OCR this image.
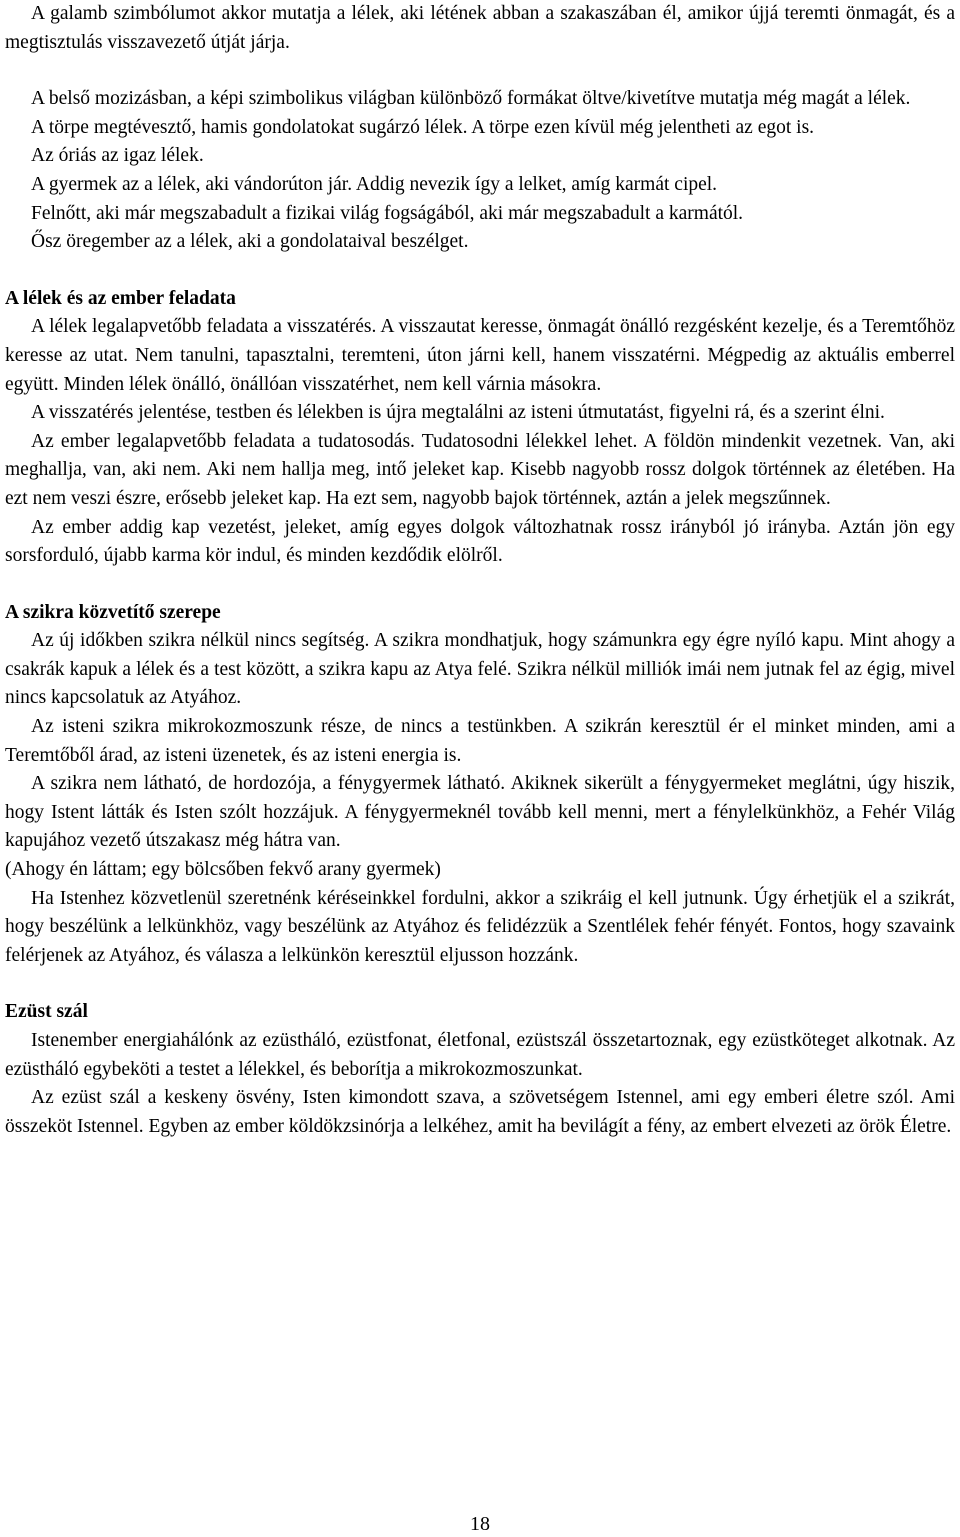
A galamb szimbólumot akkor mutatja a lélek, aki létének abban a szakaszában él, amikor újjá teremti önmagát, és a megtisztulás visszavezető útját járja.

A belső mozizásban, a képi szimbolikus világban különböző formákat öltve/kivetítve mutatja még magát a lélek.

A törpe megtévesztő, hamis gondolatokat sugárzó lélek. A törpe ezen kívül még jelentheti az egot is.

Az óriás az igaz lélek.

A gyermek az a lélek, aki vándorúton jár. Addig nevezik így a lelket, amíg karmát cipel.

Felnőtt, aki már megszabadult a fizikai világ fogságából, aki már megszabadult a karmától.

Ősz öregember az a lélek, aki a gondolataival beszélget.

A lélek és az ember feladata

A lélek legalapvetőbb feladata a visszatérés. A visszautat keresse, önmagát önálló rezgésként kezelje, és a Teremtőhöz keresse az utat. Nem tanulni, tapasztalni, teremteni, úton járni kell, hanem visszatérni. Mégpedig az aktuális emberrel együtt. Minden lélek önálló, önállóan visszatérhet, nem kell várnia másokra.

A visszatérés jelentése, testben és lélekben is újra megtalálni az isteni útmutatást, figyelni rá, és a szerint élni.

Az ember legalapvetőbb feladata a tudatosodás. Tudatosodni lélekkel lehet. A földön mindenkit vezetnek. Van, aki meghallja, van, aki nem. Aki nem hallja meg, intő jeleket kap. Kisebb nagyobb rossz dolgok történnek az életében. Ha ezt nem veszi észre, erősebb jeleket kap. Ha ezt sem, nagyobb bajok történnek, aztán a jelek megszűnnek.

Az ember addig kap vezetést, jeleket, amíg egyes dolgok változhatnak rossz irányból jó irányba. Aztán jön egy sorsforduló, újabb karma kör indul, és minden kezdődik elölről.

A szikra közvetítő szerepe

Az új időkben szikra nélkül nincs segítség. A szikra mondhatjuk, hogy számunkra egy égre nyíló kapu. Mint ahogy a csakrák kapuk a lélek és a test között, a szikra kapu az Atya felé. Szikra nélkül milliók imái nem jutnak fel az égig, mivel nincs kapcsolatuk az Atyához.

Az isteni szikra mikrokozmoszunk része, de nincs a testünkben. A szikrán keresztül ér el minket minden, ami a Teremtőből árad, az isteni üzenetek, és az isteni energia is.

A szikra nem látható, de hordozója, a fénygyermek látható. Akiknek sikerült a fénygyermeket meglátni, úgy hiszik, hogy Istent látták és Isten szólt hozzájuk. A fénygyermeknél tovább kell menni, mert a fénylelkünkhöz, a Fehér Világ kapujához vezető útszakasz még hátra van.

(Ahogy én láttam; egy bölcsőben fekvő arany gyermek)

Ha Istenhez közvetlenül szeretnénk kéréseinkkel fordulni, akkor a szikráig el kell jutnunk. Úgy érhetjük el a szikrát, hogy beszélünk a lelkünkhöz, vagy beszélünk az Atyához és felidézzük a Szentlélek fehér fényét. Fontos, hogy szavaink felérjenek az Atyához, és válasza a lelkünkön keresztül eljusson hozzánk.

Ezüst szál

Istenember energiahálónk az ezüstháló, ezüstfonat, életfonal, ezüstszál összetartoznak, egy ezüstköteget alkotnak. Az ezüstháló egybeköti a testet a lélekkel, és beborítja a mikrokozmoszunkat.

Az ezüst szál a keskeny ösvény, Isten kimondott szava, a szövetségem Istennel, ami egy emberi életre szól. Ami összeköt Istennel. Egyben az ember köldökzsinórja a lelkéhez, amit ha bevilágít a fény, az embert elvezeti az örök Életre.

18
